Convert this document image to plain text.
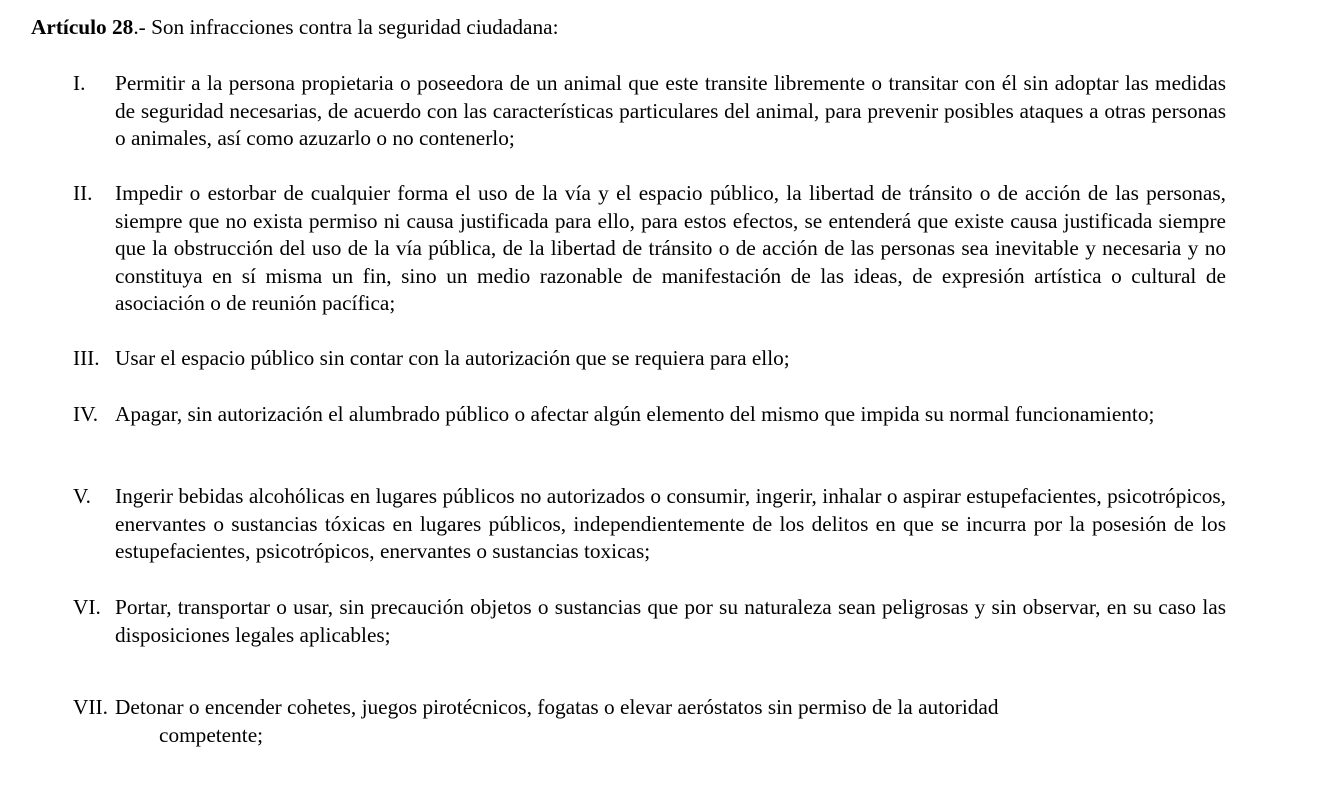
Artículo 28.- Son infracciones contra la seguridad ciudadana:
I. Permitir a la persona propietaria o poseedora de un animal que este transite libremente o transitar con él sin adoptar las medidas de seguridad necesarias, de acuerdo con las características particulares del animal, para prevenir posibles ataques a otras personas o animales, así como azuzarlo o no contenerlo;
II. Impedir o estorbar de cualquier forma el uso de la vía y el espacio público, la libertad de tránsito o de acción de las personas, siempre que no exista permiso ni causa justificada para ello, para estos efectos, se entenderá que existe causa justificada siempre que la obstrucción del uso de la vía pública, de la libertad de tránsito o de acción de las personas sea inevitable y necesaria y no constituya en sí misma un fin, sino un medio razonable de manifestación de las ideas, de expresión artística o cultural de asociación o de reunión pacífica;
III. Usar el espacio público sin contar con la autorización que se requiera para ello;
IV. Apagar, sin autorización el alumbrado público o afectar algún elemento del mismo que impida su normal funcionamiento;
V. Ingerir bebidas alcohólicas en lugares públicos no autorizados o consumir, ingerir, inhalar o aspirar estupefacientes, psicotrópicos, enervantes o sustancias tóxicas en lugares públicos, independientemente de los delitos en que se incurra por la posesión de los estupefacientes, psicotrópicos, enervantes o sustancias toxicas;
VI. Portar, transportar o usar, sin precaución objetos o sustancias que por su naturaleza sean peligrosas y sin observar, en su caso las disposiciones legales aplicables;
VII. Detonar o encender cohetes, juegos pirotécnicos, fogatas o elevar aeróstatos sin permiso de la autoridad
competente;
